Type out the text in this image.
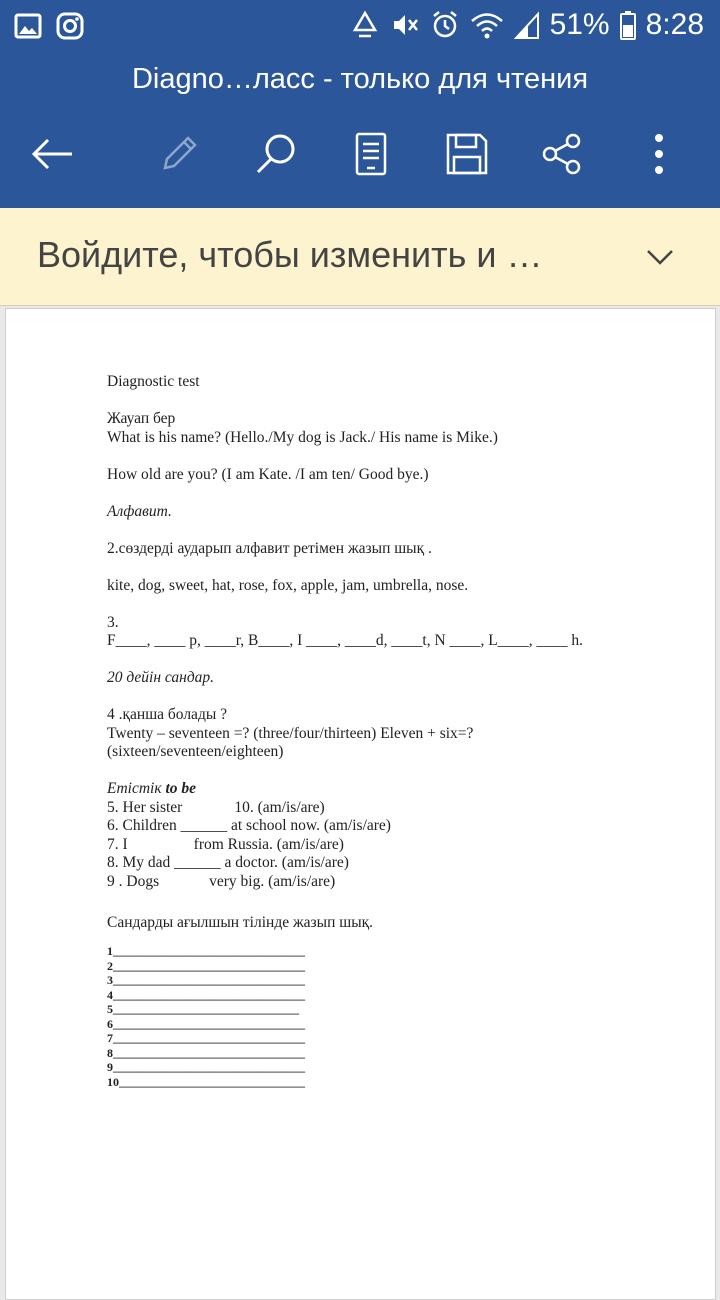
51% 8:28
Diagno…ласс - только для чтения
Войдите, чтобы изменить и …

Diagnostic test

Жауап бер

What is his name? (Hello./My dog is Jack./ His name is Mike.)

How old are you? (I am Kate. /I am ten/ Good bye.)

Алфавит.

2.сөздерді аударып алфавит ретімен жазып шық .

kite, dog, sweet, hat, rose, fox, apple, jam, umbrella, nose.

3.

F____, ____ p, ____r, B____, I ____, ____d, ____t, N ____, L____, ____ h.

20 дейін сандар.

4 .қанша болады ?

Twenty – seventeen =? (three/four/thirteen) Eleven + six=?

(sixteen/seventeen/eighteen)

Етістік to be

5. Her sister	10. (am/is/are)

6. Children ______ at school now. (am/is/are)

7. I	from Russia. (am/is/are)

8. My dad ______ a doctor. (am/is/are)

9 . Dogs	very big. (am/is/are)

Сандарды ағылшын тілінде жазып шық.

1________________________________

2________________________________

3________________________________

4________________________________

5_______________________________

6________________________________

7________________________________

8________________________________

9________________________________

10_______________________________
